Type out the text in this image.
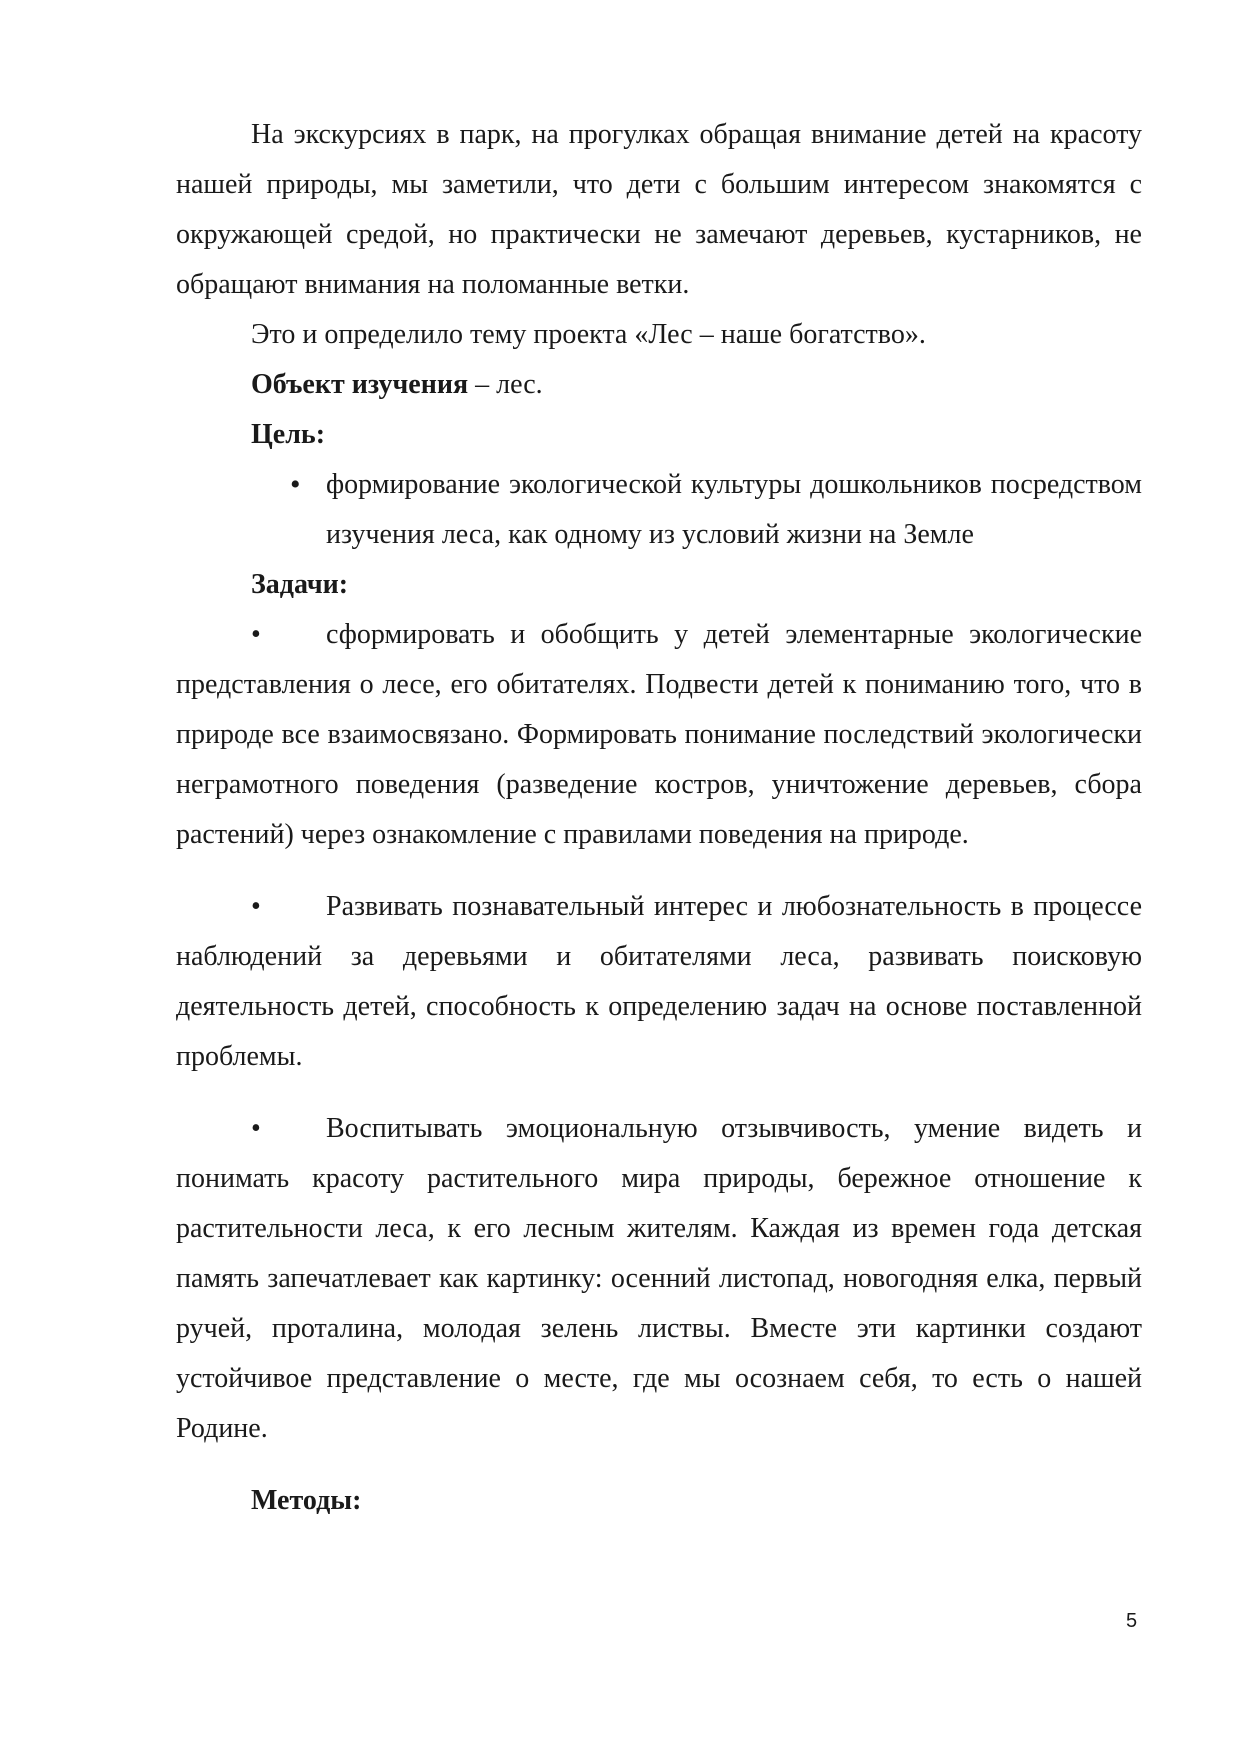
На экскурсиях в парк, на прогулках обращая внимание детей на красоту нашей природы, мы заметили, что дети с большим интересом знакомятся с окружающей средой, но практически не замечают деревьев, кустарников, не обращают внимания на поломанные ветки.

Это и определило тему проекта «Лес – наше богатство».

Объект изучения – лес.

Цель:

• формирование экологической культуры дошкольников посредством изучения леса, как одному из условий жизни на Земле

Задачи:

• сформировать и обобщить у детей элементарные экологические представления о лесе, его обитателях. Подвести детей к пониманию того, что в природе все взаимосвязано. Формировать понимание последствий экологически неграмотного поведения (разведение костров, уничтожение деревьев, сбора растений) через ознакомление с правилами поведения на природе.

• Развивать познавательный интерес и любознательность в процессе наблюдений за деревьями и обитателями леса, развивать поисковую деятельность детей, способность к определению задач на основе поставленной проблемы.

• Воспитывать эмоциональную отзывчивость, умение видеть и понимать красоту растительного мира природы, бережное отношение к растительности леса, к его лесным жителям. Каждая из времен года детская память запечатлевает как картинку: осенний листопад, новогодняя елка, первый ручей, проталина, молодая зелень листвы. Вместе эти картинки создают устойчивое представление о месте, где мы осознаем себя, то есть о нашей Родине.

Методы:

5
